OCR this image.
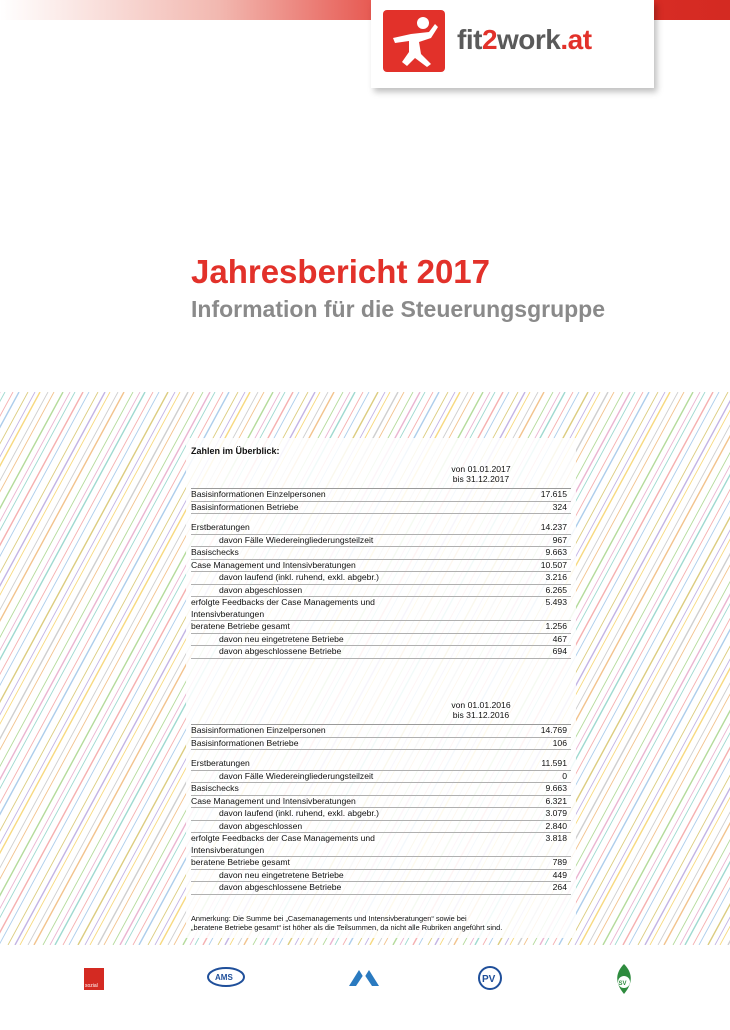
fit2work.at
Jahresbericht 2017
Information für die Steuerungsgruppe
Zahlen im Überblick:
von 01.01.2017
bis 31.12.2017
Basisinformationen Einzelpersonen	17.615
Basisinformationen Betriebe	324
Erstberatungen	14.237
davon Fälle Wiedereingliederungsteilzeit	967
Basischecks	9.663
Case Management und Intensivberatungen	10.507
davon laufend (inkl. ruhend, exkl. abgebr.)	3.216
davon abgeschlossen	6.265
erfolgte Feedbacks der Case Managements und Intensivberatungen
5.493
beratene Betriebe gesamt	1.256
davon neu eingetretene Betriebe	467
davon abgeschlossene Betriebe	694
von 01.01.2016
bis 31.12.2016
Basisinformationen Einzelpersonen	14.769
Basisinformationen Betriebe	106
Erstberatungen	11.591
davon Fälle Wiedereingliederungsteilzeit	0
Basischecks	9.663
Case Management und Intensivberatungen	6.321
davon laufend (inkl. ruhend, exkl. abgebr.)	3.079
davon abgeschlossen	2.840
erfolgte Feedbacks der Case Managements und Intensivberatungen
3.818
beratene Betriebe gesamt	789
davon neu eingetretene Betriebe	449
davon abgeschlossene Betriebe	264
Anmerkung: Die Summe bei „Casemanagements und Intensivberatungen“ sowie bei
„beratene Betriebe gesamt“ ist höher als die Teilsummen, da nicht alle Rubriken angeführt sind.
sozial
AMS	PV	SV
